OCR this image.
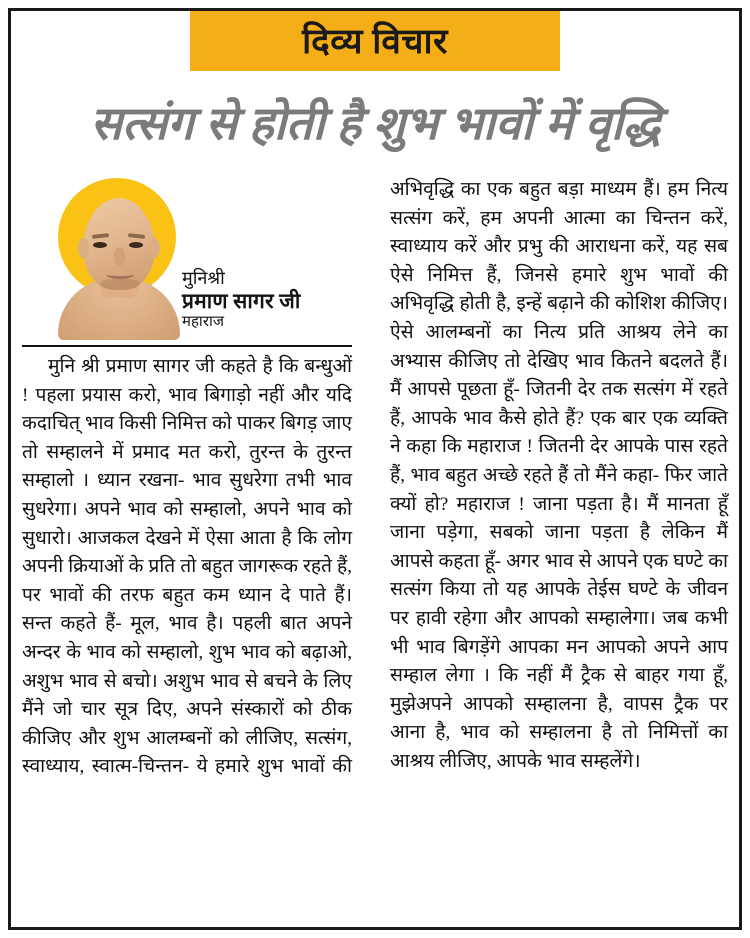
दिव्य विचार
सत्संग से होती है शुभ भावों में वृद्धि
मुनिश्री
प्रमाण सागर जी
महाराज

मुनि श्री प्रमाण सागर जी कहते है कि बन्धुओं ! पहला प्रयास करो, भाव बिगाड़ो नहीं और यदि कदाचित् भाव किसी निमित्त को पाकर बिगड़ जाए तो सम्हालने में प्रमाद मत करो, तुरन्त के तुरन्त सम्हालो । ध्यान रखना- भाव सुधरेगा तभी भाव सुधरेगा। अपने भाव को सम्हालो, अपने भाव को सुधारो। आजकल देखने में ऐसा आता है कि लोग अपनी क्रियाओं के प्रति तो बहुत जागरूक रहते हैं, पर भावों की तरफ बहुत कम ध्यान दे पाते हैं। सन्त कहते हैं- मूल, भाव है। पहली बात अपने अन्दर के भाव को सम्हालो, शुभ भाव को बढ़ाओ, अशुभ भाव से बचो। अशुभ भाव से बचने के लिए मैंने जो चार सूत्र दिए, अपने संस्कारों को ठीक कीजिए और शुभ आलम्बनों को लीजिए, सत्संग, स्वाध्याय, स्वात्म-चिन्तन- ये हमारे शुभ भावों की

अभिवृद्धि का एक बहुत बड़ा माध्यम हैं। हम नित्य सत्संग करें, हम अपनी आत्मा का चिन्तन करें, स्वाध्याय करें और प्रभु की आराधना करें, यह सब ऐसे निमित्त हैं, जिनसे हमारे शुभ भावों की अभिवृद्धि होती है, इन्हें बढ़ाने की कोशिश कीजिए। ऐसे आलम्बनों का नित्य प्रति आश्रय लेने का अभ्यास कीजिए तो देखिए भाव कितने बदलते हैं। मैं आपसे पूछता हूँ- जितनी देर तक सत्संग में रहते हैं, आपके भाव कैसे होते हैं? एक बार एक व्यक्ति ने कहा कि महाराज ! जितनी देर आपके पास रहते हैं, भाव बहुत अच्छे रहते हैं तो मैंने कहा- फिर जाते क्यों हो? महाराज ! जाना पड़ता है। मैं मानता हूँ जाना पड़ेगा, सबको जाना पड़ता है लेकिन मैं आपसे कहता हूँ- अगर भाव से आपने एक घण्टे का सत्संग किया तो यह आपके तेईस घण्टे के जीवन पर हावी रहेगा और आपको सम्हालेगा। जब कभी भी भाव बिगड़ेंगे आपका मन आपको अपने आप सम्हाल लेगा । कि नहीं मैं ट्रैक से बाहर गया हूँ, मुझेअपने आपको सम्हालना है, वापस ट्रैक पर आना है, भाव को सम्हालना है तो निमित्तों का आश्रय लीजिए, आपके भाव सम्हलेंगे।
